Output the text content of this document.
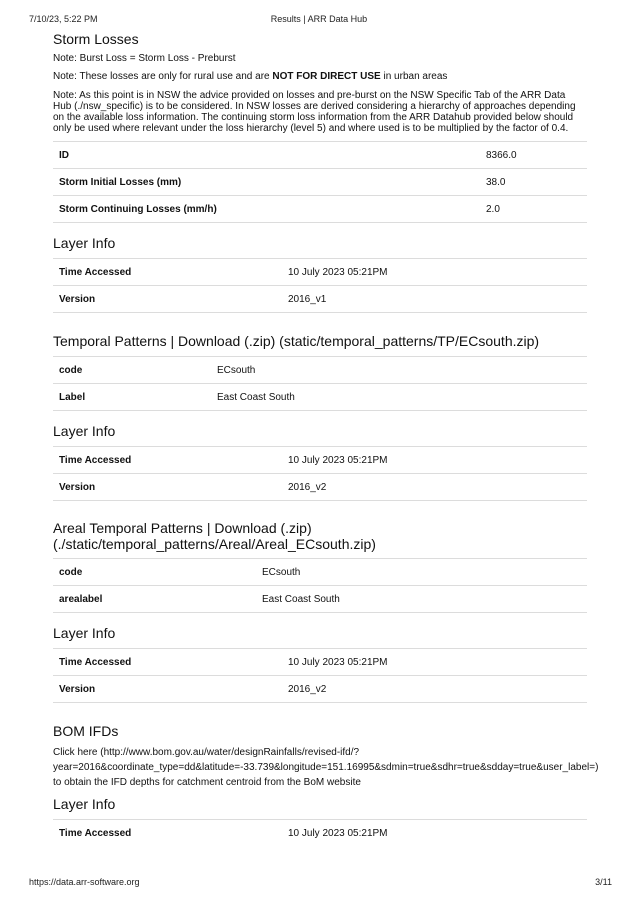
7/10/23, 5:22 PM	Results | ARR Data Hub
Storm Losses

Note: Burst Loss = Storm Loss - Preburst

Note: These losses are only for rural use and are NOT FOR DIRECT USE in urban areas

Note: As this point is in NSW the advice provided on losses and pre-burst on the NSW Specific Tab of the ARR Data
Hub (./nsw_specific) is to be considered. In NSW losses are derived considering a hierarchy of approaches depending
on the available loss information. The continuing storm loss information from the ARR Datahub provided below should
only be used where relevant under the loss hierarchy (level 5) and where used is to be multiplied by the factor of 0.4.
ID	8366.0
Storm Initial Losses (mm)	38.0
Storm Continuing Losses (mm/h)	2.0
Layer Info
Time Accessed	10 July 2023 05:21PM
Version	2016_v1
Temporal Patterns | Download (.zip) (static/temporal_patterns/TP/ECsouth.zip)
code	ECsouth
Label	East Coast South
Layer Info
Time Accessed	10 July 2023 05:21PM
Version	2016_v2
Areal Temporal Patterns | Download (.zip)
(./static/temporal_patterns/Areal/Areal_ECsouth.zip)
code	ECsouth
arealabel	East Coast South
Layer Info
Time Accessed	10 July 2023 05:21PM
Version	2016_v2
BOM IFDs

Click here (http://www.bom.gov.au/water/designRainfalls/revised-ifd/?

year=2016&coordinate_type=dd&latitude=-33.739&longitude=151.16995&sdmin=true&sdhr=true&sdday=true&user_label=)

to obtain the IFD depths for catchment centroid from the BoM website

Layer Info
Time Accessed	10 July 2023 05:21PM
https://data.arr-software.org	3/11
